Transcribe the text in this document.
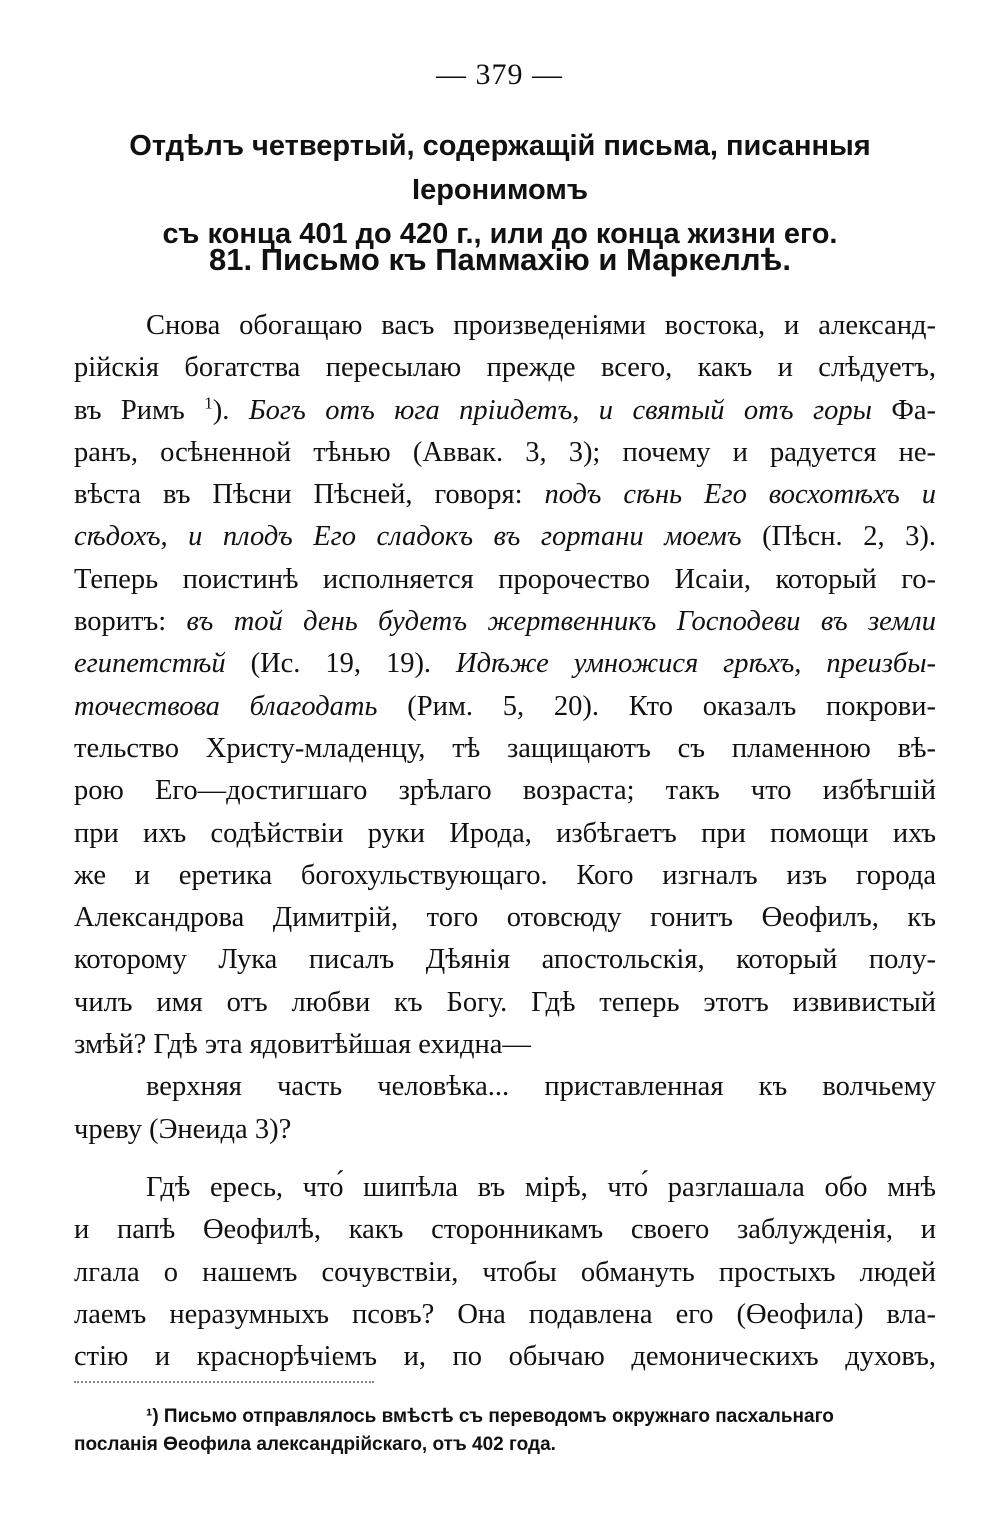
— 379 —
Отдѣлъ четвертый, содержащій письма, писанныя Іеронимомъ
съ конца 401 до 420 г., или до конца жизни его.
81. Письмо къ Паммахію и Маркеллѣ.
Снова обогащаю васъ произведеніями востока, и александ-
рійскія богатства пересылаю прежде всего, какъ и слѣдуетъ,
въ Римъ $^1$). Богъ отъ юга пріидетъ, и святый отъ горы Фа-
ранъ, осѣненной тѣнью (Аввак. 3, 3); почему и радуется не-
вѣста въ Пѣсни Пѣсней, говоря: подъ сѣнь Его восхотѣхъ и
сѣдохъ, и плодъ Его сладокъ въ гортани моемъ (Пѣсн. 2, 3).
Теперь поистинѣ исполняется пророчество Исаіи, который го-
воритъ: въ той день будетъ жертвенникъ Господеви въ земли
египетстѣй (Ис. 19, 19). Идѣже умножися грѣхъ, преизбы-
точествова благодать (Рим. 5, 20). Кто оказалъ покрови-
тельство Христу-младенцу, тѣ защищаютъ съ пламенною вѣ-
рою Его—достигшаго зрѣлаго возраста; такъ что избѣгшій
при ихъ содѣйствіи руки Ирода, избѣгаетъ при помощи ихъ
же и еретика богохульствующаго. Кого изгналъ изъ города
Александрова Димитрій, того отовсюду гонитъ Өеофилъ, къ
которому Лука писалъ Дѣянія апостольскія, который полу-
чилъ имя отъ любви къ Богу. Гдѣ теперь этотъ извивистый
змѣй? Гдѣ эта ядовитѣйшая ехидна—
верхняя часть человѣка... приставленная къ волчьему
чреву (Энеида 3)?
Гдѣ ересь, что́ шипѣла въ мірѣ, что́ разглашала обо мнѣ
и папѣ Өеофилѣ, какъ сторонникамъ своего заблужденія, и
лгала о нашемъ сочувствіи, чтобы обмануть простыхъ людей
лаемъ неразумныхъ псовъ? Она подавлена его (Өеофила) вла-
стію и краснорѣчіемъ и, по обычаю демоническихъ духовъ,
¹) Письмо отправлялось вмѣстѣ съ переводомъ окружнаго пасхальнаго
посланія Өеофила александрійскаго, отъ 402 года.
